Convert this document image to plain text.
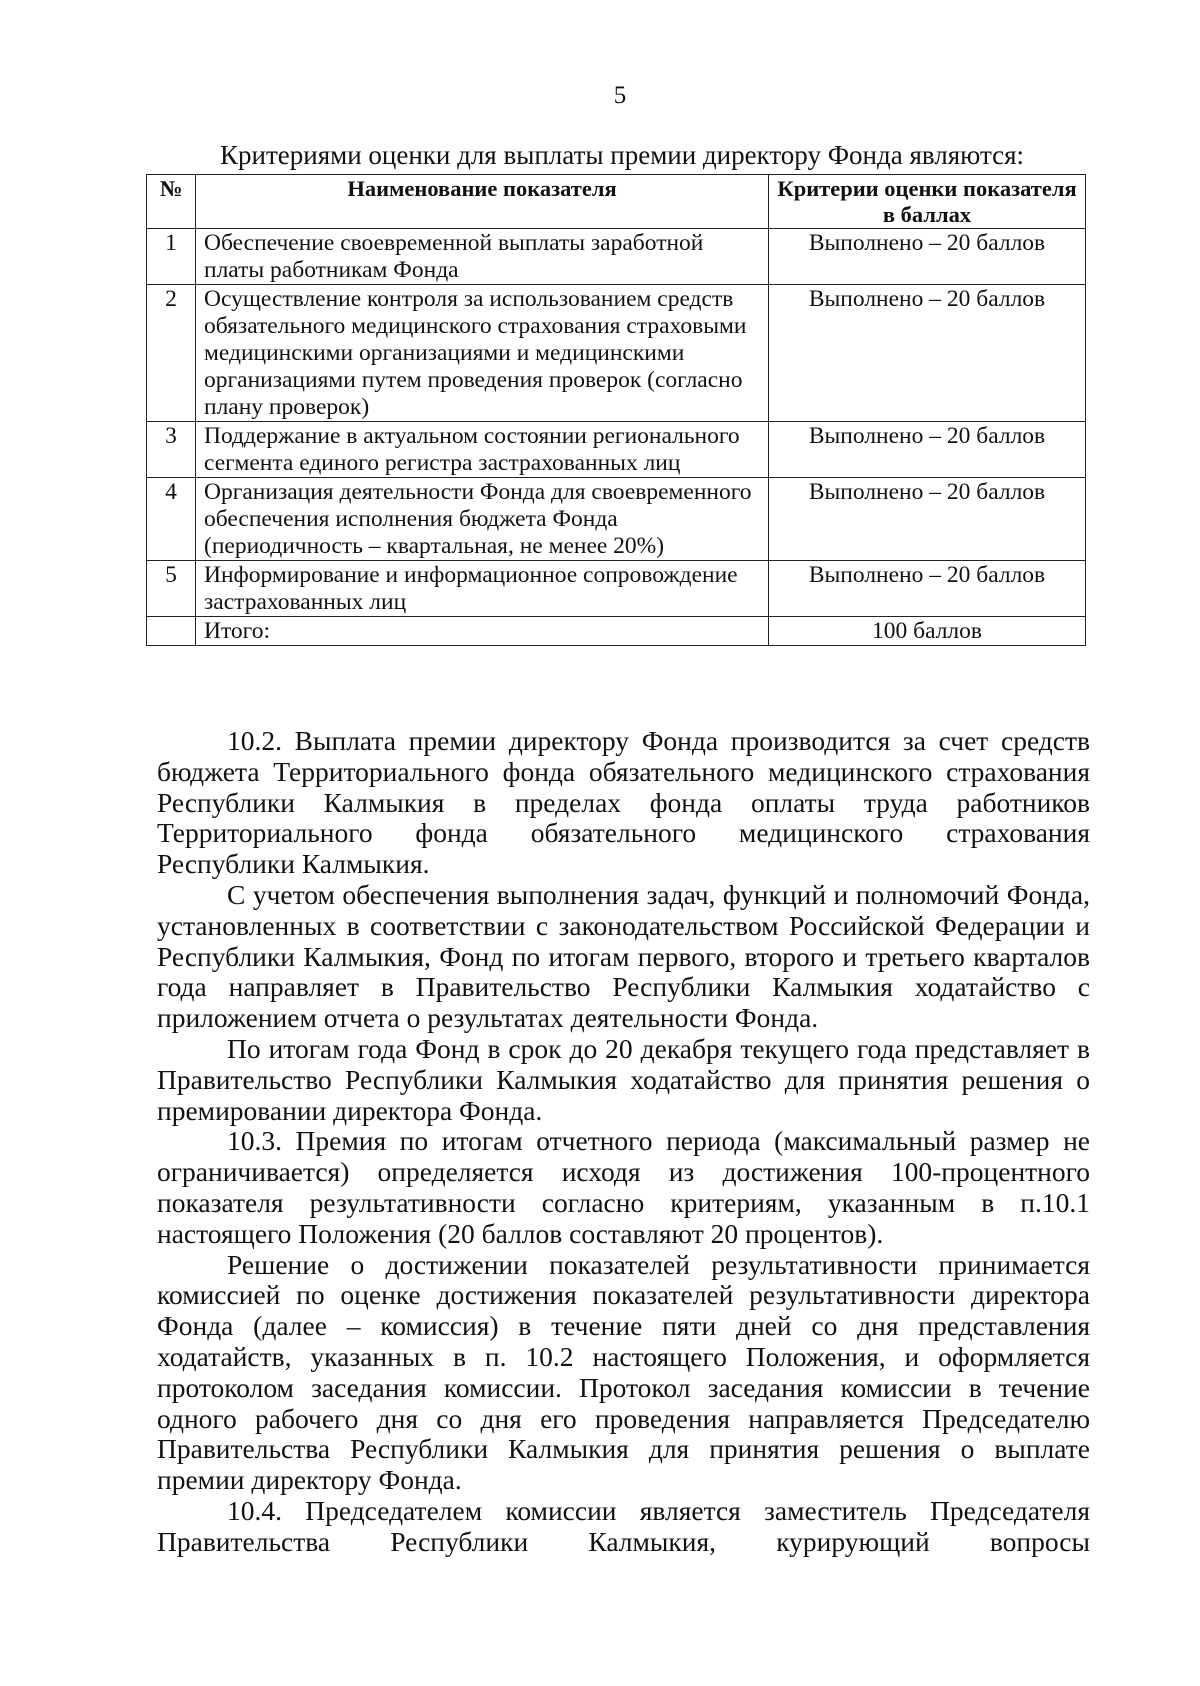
5
Критериями оценки для выплаты премии директору Фонда являются:
№	Наименование показателя	Критерии оценки показателя в баллах
1	Обеспечение своевременной выплаты заработной платы работникам Фонда	Выполнено – 20 баллов
2	Осуществление контроля за использованием средств обязательного медицинского страхования страховыми медицинскими организациями и медицинскими организациями путем проведения проверок (согласно плану проверок)	Выполнено – 20 баллов
3	Поддержание в актуальном состоянии регионального сегмента единого регистра застрахованных лиц	Выполнено – 20 баллов
4	Организация деятельности Фонда для своевременного обеспечения исполнения бюджета Фонда (периодичность – квартальная, не менее 20%)	Выполнено – 20 баллов
5	Информирование и информационное сопровождение застрахованных лиц	Выполнено – 20 баллов
	Итого:	100 баллов

10.2. Выплата премии директору Фонда производится за счет средств бюджета Территориального фонда обязательного медицинского страхования Республики Калмыкия в пределах фонда оплаты труда работников Территориального фонда обязательного медицинского страхования Республики Калмыкия.

С учетом обеспечения выполнения задач, функций и полномочий Фонда, установленных в соответствии с законодательством Российской Федерации и Республики Калмыкия, Фонд по итогам первого, второго и третьего кварталов года направляет в Правительство Республики Калмыкия ходатайство с приложением отчета о результатах деятельности Фонда.

По итогам года Фонд в срок до 20 декабря текущего года представляет в Правительство Республики Калмыкия ходатайство для принятия решения о премировании директора Фонда.

10.3. Премия по итогам отчетного периода (максимальный размер не ограничивается) определяется исходя из достижения 100-процентного показателя результативности согласно критериям, указанным в п.10.1 настоящего Положения (20 баллов составляют 20 процентов).

Решение о достижении показателей результативности принимается комиссией по оценке достижения показателей результативности директора Фонда (далее – комиссия) в течение пяти дней со дня представления ходатайств, указанных в п. 10.2 настоящего Положения, и оформляется протоколом заседания комиссии. Протокол заседания комиссии в течение одного рабочего дня со дня его проведения направляется Председателю Правительства Республики Калмыкия для принятия решения о выплате премии директору Фонда.

10.4. Председателем комиссии является заместитель Председателя Правительства Республики Калмыкия, курирующий вопросы
